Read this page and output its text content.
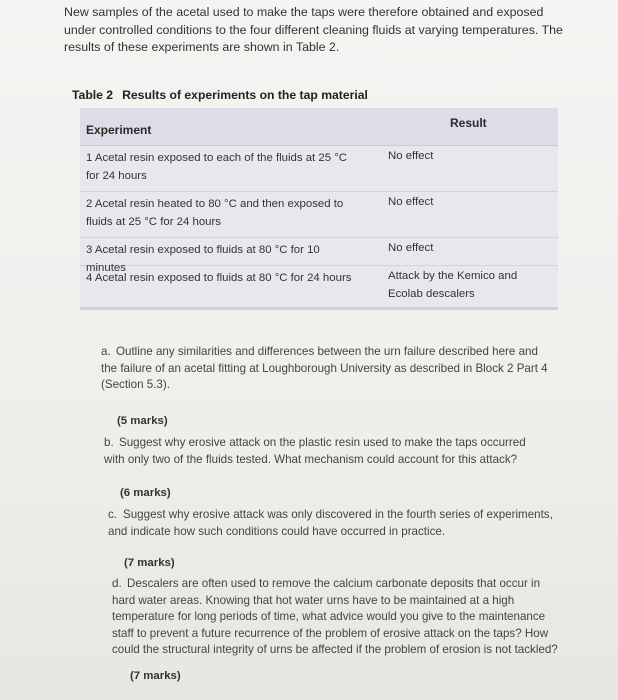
New samples of the acetal used to make the taps were therefore obtained and exposed under controlled conditions to the four different cleaning fluids at varying temperatures. The results of these experiments are shown in Table 2.
Table 2 Results of experiments on the tap material
Experiment	Result
1 Acetal resin exposed to each of the fluids at 25 °C for 24 hours
No effect
2 Acetal resin heated to 80 °C and then exposed to fluids at 25 °C for 24 hours
No effect
3 Acetal resin exposed to fluids at 80 °C for 10 minutes
No effect
4 Acetal resin exposed to fluids at 80 °C for 24 hours	Attack by the Kemico and Ecolab descalers
a. Outline any similarities and differences between the urn failure described here and the failure of an acetal fitting at Loughborough University as described in Block 2 Part 4 (Section 5.3).
(5 marks)
b. Suggest why erosive attack on the plastic resin used to make the taps occurred with only two of the fluids tested. What mechanism could account for this attack?
(6 marks)
c. Suggest why erosive attack was only discovered in the fourth series of experiments, and indicate how such conditions could have occurred in practice.
(7 marks)
d. Descalers are often used to remove the calcium carbonate deposits that occur in hard water areas. Knowing that hot water urns have to be maintained at a high temperature for long periods of time, what advice would you give to the maintenance staff to prevent a future recurrence of the problem of erosive attack on the taps? How could the structural integrity of urns be affected if the problem of erosion is not tackled?
(7 marks)
